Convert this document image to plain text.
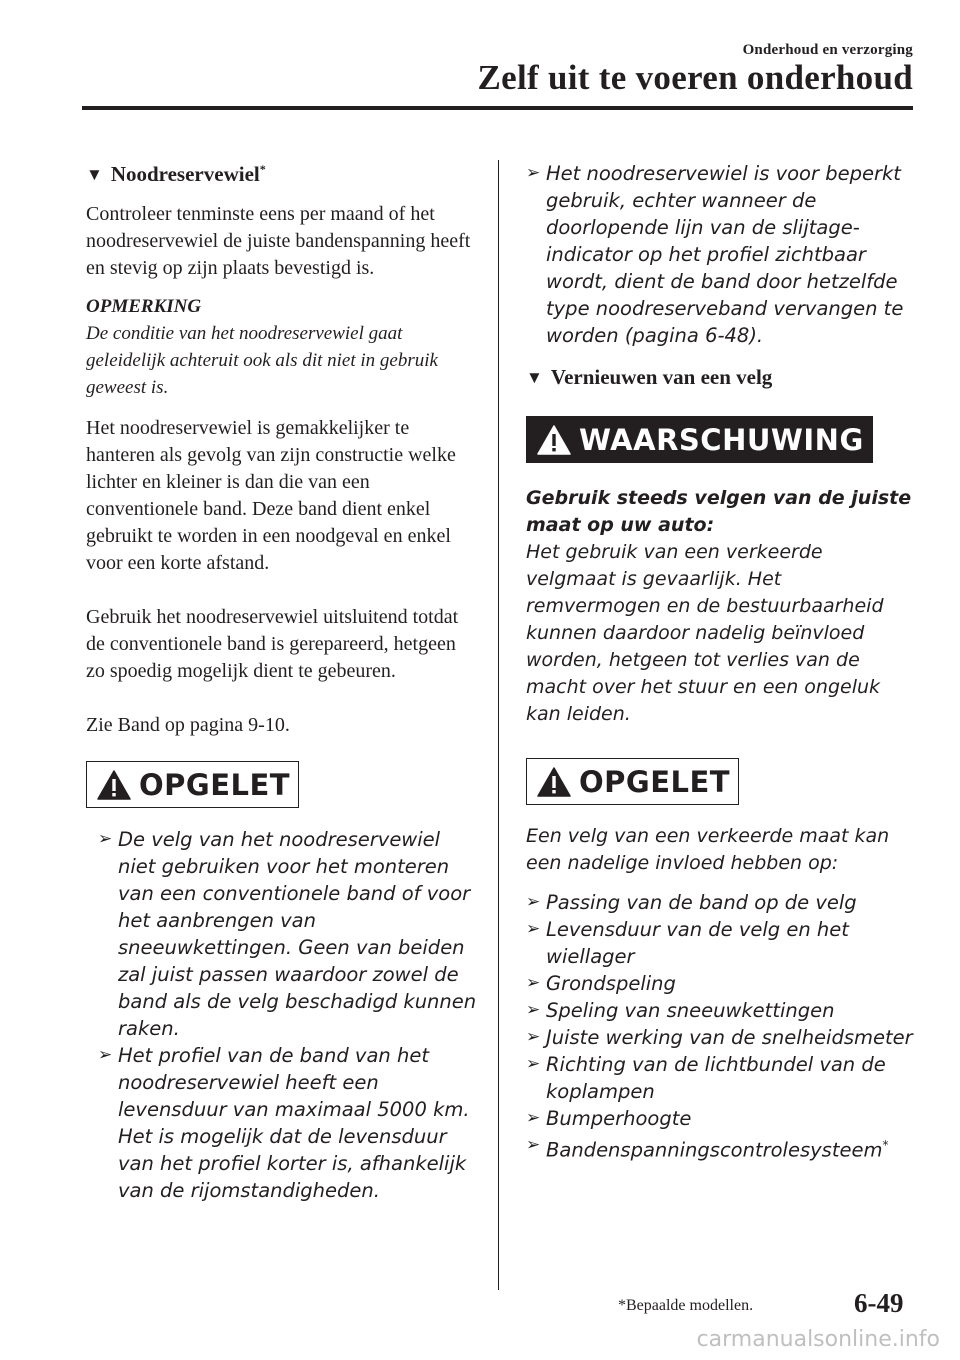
Onderhoud en verzorging
Zelf uit te voeren onderhoud
▼ Noodreservewiel*

Controleer tenminste eens per maand of het noodreservewiel de juiste bandenspanning heeft en stevig op zijn plaats bevestigd is.

OPMERKING

De conditie van het noodreservewiel gaat geleidelijk achteruit ook als dit niet in gebruik geweest is.

Het noodreservewiel is gemakkelijker te hanteren als gevolg van zijn constructie welke lichter en kleiner is dan die van een conventionele band. Deze band dient enkel gebruikt te worden in een noodgeval en enkel voor een korte afstand.

Gebruik het noodreservewiel uitsluitend totdat de conventionele band is gerepareerd, hetgeen zo spoedig mogelijk dient te gebeuren.

Zie Band op pagina 9-10.

OPGELET
➢ De velg van het noodreservewiel niet gebruiken voor het monteren van een conventionele band of voor het aanbrengen van sneeuwkettingen. Geen van beiden zal juist passen waardoor zowel de band als de velg beschadigd kunnen raken.
➢ Het profiel van de band van het noodreservewiel heeft een levensduur van maximaal 5000 km. Het is mogelijk dat de levensduur van het profiel korter is, afhankelijk van de rijomstandigheden.
➢ Het noodreservewiel is voor beperkt gebruik, echter wanneer de doorlopende lijn van de slijtage-indicator op het profiel zichtbaar wordt, dient de band door hetzelfde type noodreserveband vervangen te worden (pagina 6-48).
▼ Vernieuwen van een velg
WAARSCHUWING

Gebruik steeds velgen van de juiste maat op uw auto:

Het gebruik van een verkeerde velgmaat is gevaarlijk. Het remvermogen en de bestuurbaarheid kunnen daardoor nadelig beïnvloed worden, hetgeen tot verlies van de macht over het stuur en een ongeluk kan leiden.

OPGELET

Een velg van een verkeerde maat kan een nadelige invloed hebben op:

➢ Passing van de band op de velg
➢ Levensduur van de velg en het wiellager
➢ Grondspeling
➢ Speling van sneeuwkettingen
➢ Juiste werking van de snelheidsmeter
➢ Richting van de lichtbundel van de koplampen
➢ Bumperhoogte
➢ Bandenspanningscontrolesysteem*
*Bepaalde modellen.	6-49
carmanualsonline.info
